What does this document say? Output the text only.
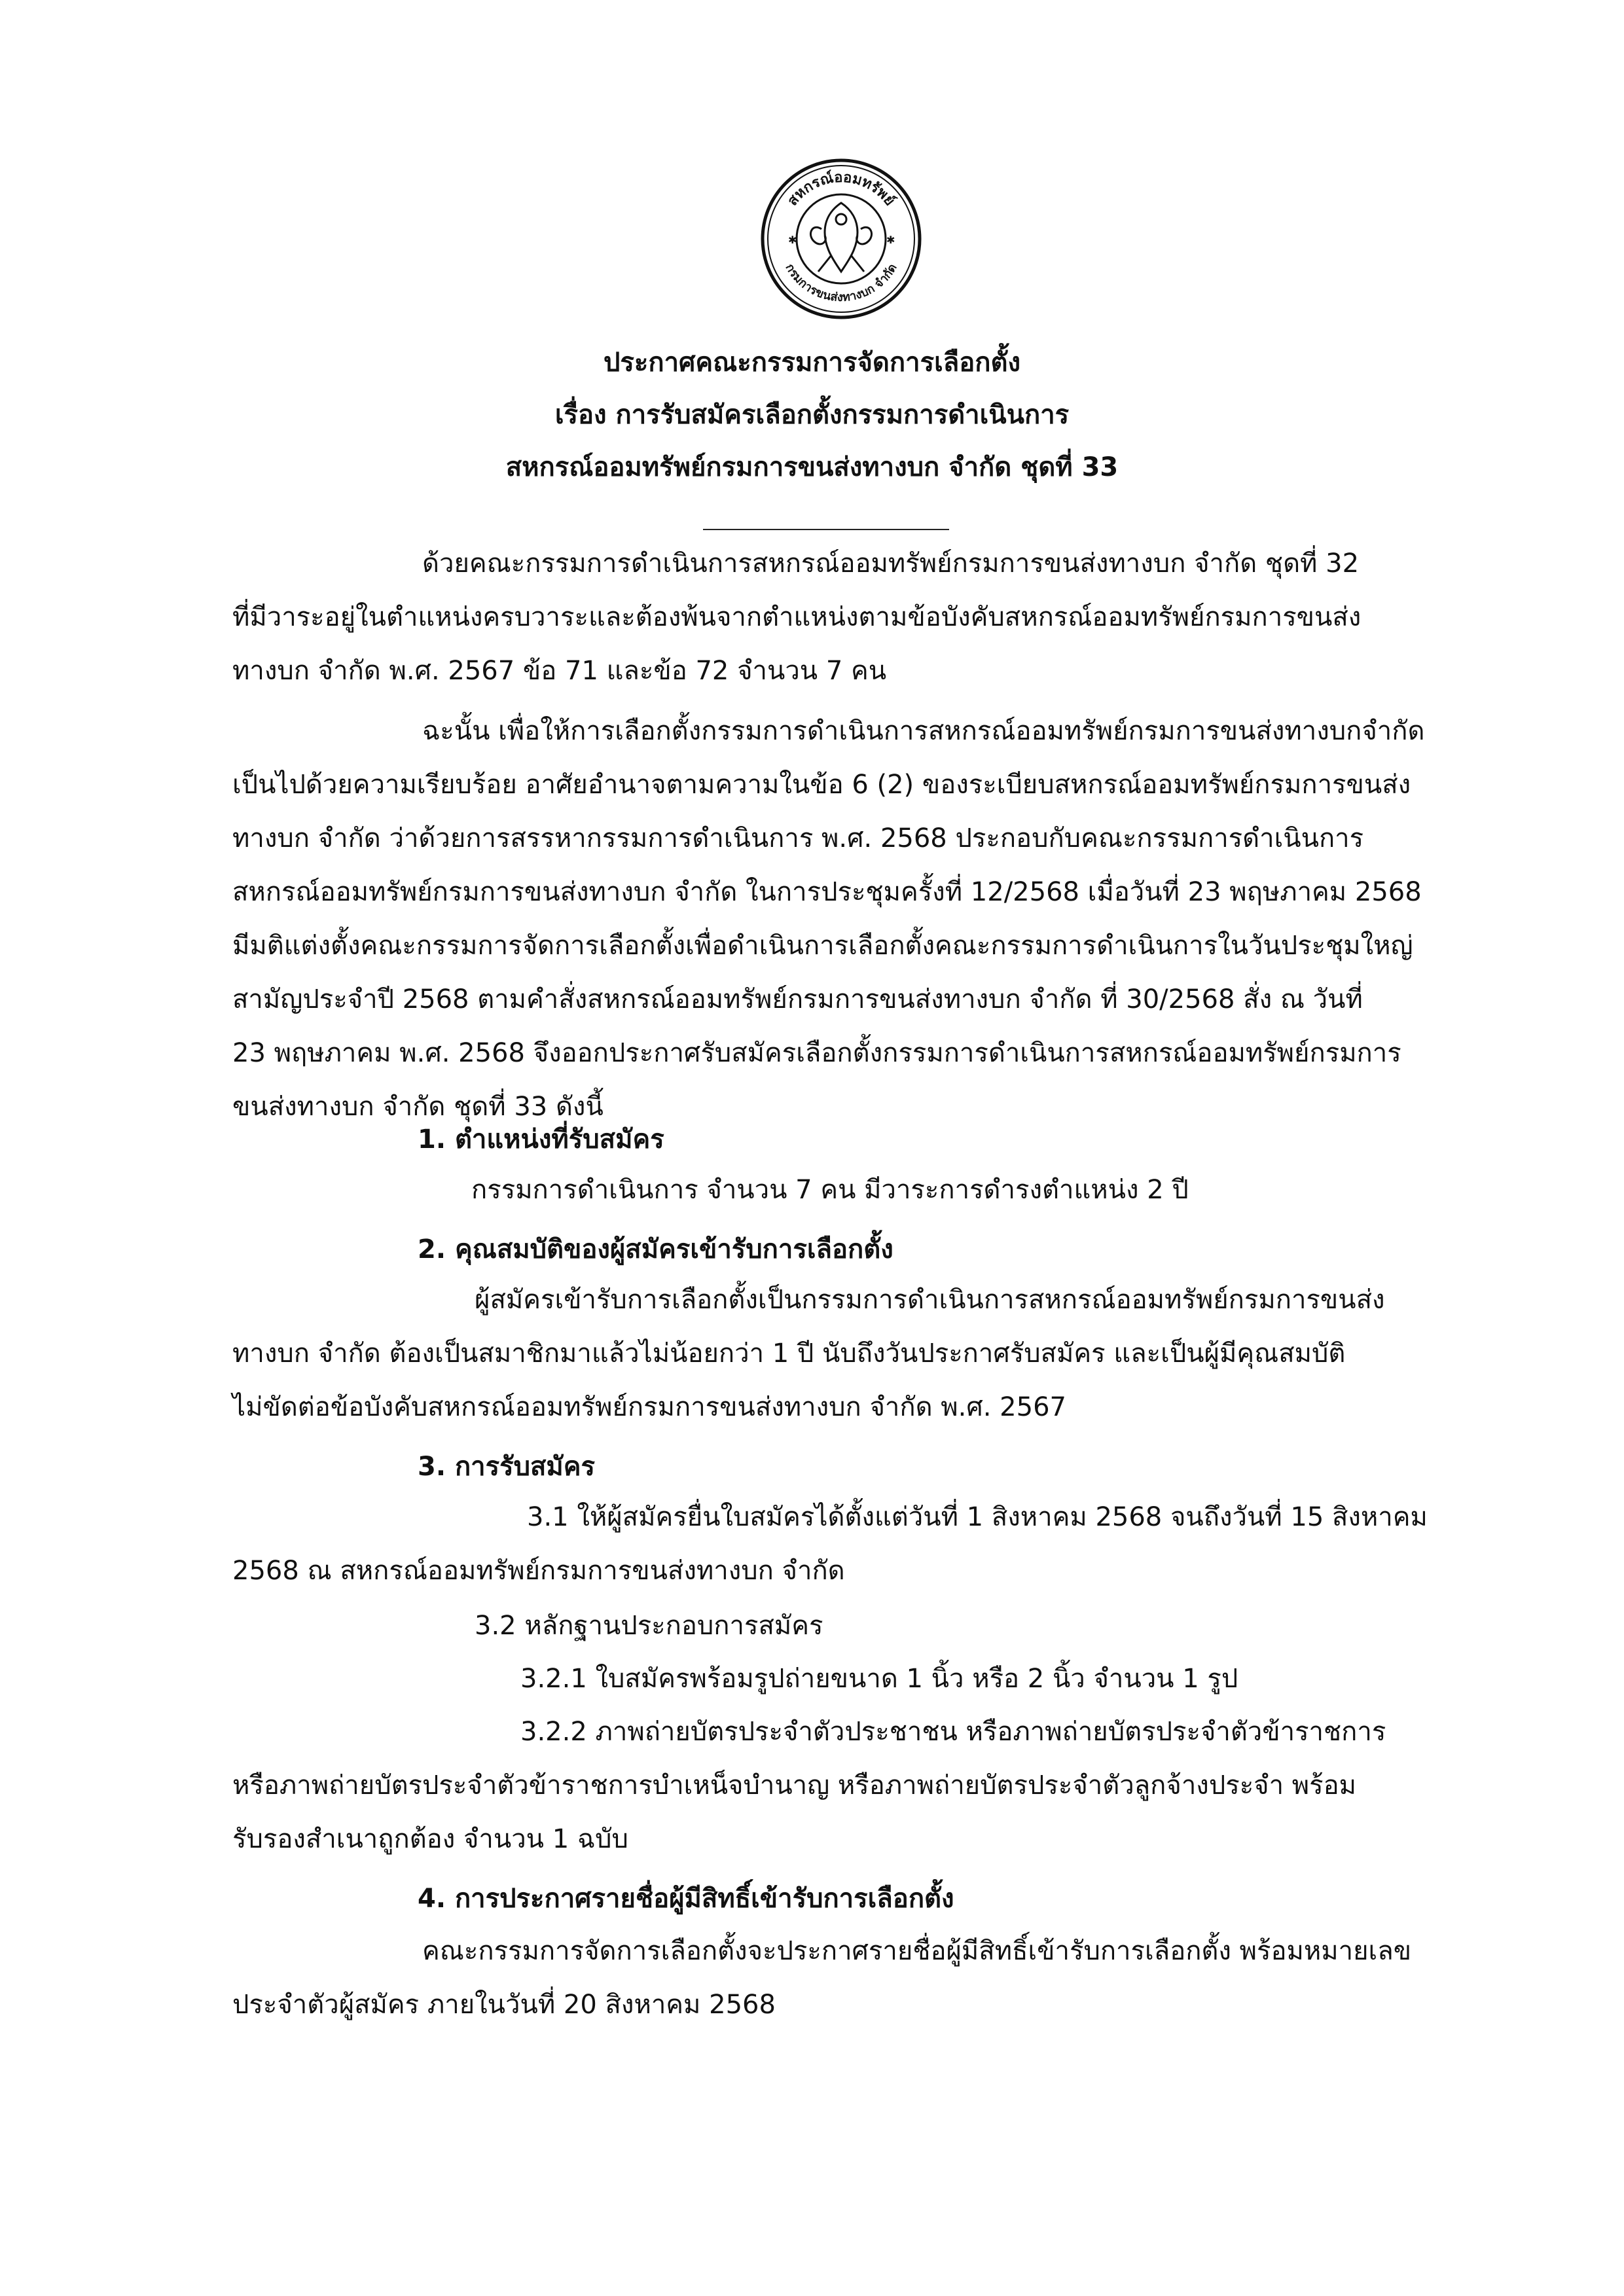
สหกรณ์ออมทรัพย์
กรมการขนส่งทางบก จำกัด
✱	✱
ประกาศคณะกรรมการจัดการเลือกตั้ง
เรื่อง การรับสมัครเลือกตั้งกรรมการดำเนินการ
สหกรณ์ออมทรัพย์กรมการขนส่งทางบก จำกัด ชุดที่ 33
ด้วยคณะกรรมการดำเนินการสหกรณ์ออมทรัพย์กรมการขนส่งทางบก จำกัด ชุดที่ 32
ที่มีวาระอยู่ในตำแหน่งครบวาระและต้องพ้นจากตำแหน่งตามข้อบังคับสหกรณ์ออมทรัพย์กรมการขนส่ง
ทางบก จำกัด พ.ศ. 2567 ข้อ 71 และข้อ 72 จำนวน 7 คน
ฉะนั้น เพื่อให้การเลือกตั้งกรรมการดำเนินการสหกรณ์ออมทรัพย์กรมการขนส่งทางบกจำกัด
เป็นไปด้วยความเรียบร้อย อาศัยอำนาจตามความในข้อ 6 (2) ของระเบียบสหกรณ์ออมทรัพย์กรมการขนส่ง
ทางบก จำกัด ว่าด้วยการสรรหากรรมการดำเนินการ พ.ศ. 2568 ประกอบกับคณะกรรมการดำเนินการ
สหกรณ์ออมทรัพย์กรมการขนส่งทางบก จำกัด ในการประชุมครั้งที่ 12/2568 เมื่อวันที่ 23 พฤษภาคม 2568
มีมติแต่งตั้งคณะกรรมการจัดการเลือกตั้งเพื่อดำเนินการเลือกตั้งคณะกรรมการดำเนินการในวันประชุมใหญ่
สามัญประจำปี 2568 ตามคำสั่งสหกรณ์ออมทรัพย์กรมการขนส่งทางบก จำกัด ที่ 30/2568 สั่ง ณ วันที่
23 พฤษภาคม พ.ศ. 2568 จึงออกประกาศรับสมัครเลือกตั้งกรรมการดำเนินการสหกรณ์ออมทรัพย์กรมการ
ขนส่งทางบก จำกัด ชุดที่ 33 ดังนี้
1. ตำแหน่งที่รับสมัคร
กรรมการดำเนินการ จำนวน 7 คน มีวาระการดำรงตำแหน่ง 2 ปี
2. คุณสมบัติของผู้สมัครเข้ารับการเลือกตั้ง
ผู้สมัครเข้ารับการเลือกตั้งเป็นกรรมการดำเนินการสหกรณ์ออมทรัพย์กรมการขนส่ง
ทางบก จำกัด ต้องเป็นสมาชิกมาแล้วไม่น้อยกว่า 1 ปี นับถึงวันประกาศรับสมัคร และเป็นผู้มีคุณสมบัติ
ไม่ขัดต่อข้อบังคับสหกรณ์ออมทรัพย์กรมการขนส่งทางบก จำกัด พ.ศ. 2567
3. การรับสมัคร
3.1 ให้ผู้สมัครยื่นใบสมัครได้ตั้งแต่วันที่ 1 สิงหาคม 2568 จนถึงวันที่ 15 สิงหาคม
2568 ณ สหกรณ์ออมทรัพย์กรมการขนส่งทางบก จำกัด
3.2 หลักฐานประกอบการสมัคร
3.2.1 ใบสมัครพร้อมรูปถ่ายขนาด 1 นิ้ว หรือ 2 นิ้ว จำนวน 1 รูป
3.2.2 ภาพถ่ายบัตรประจำตัวประชาชน หรือภาพถ่ายบัตรประจำตัวข้าราชการ
หรือภาพถ่ายบัตรประจำตัวข้าราชการบำเหน็จบำนาญ หรือภาพถ่ายบัตรประจำตัวลูกจ้างประจำ พร้อม
รับรองสำเนาถูกต้อง จำนวน 1 ฉบับ
4. การประกาศรายชื่อผู้มีสิทธิ์เข้ารับการเลือกตั้ง
คณะกรรมการจัดการเลือกตั้งจะประกาศรายชื่อผู้มีสิทธิ์เข้ารับการเลือกตั้ง พร้อมหมายเลข
ประจำตัวผู้สมัคร ภายในวันที่ 20 สิงหาคม 2568
